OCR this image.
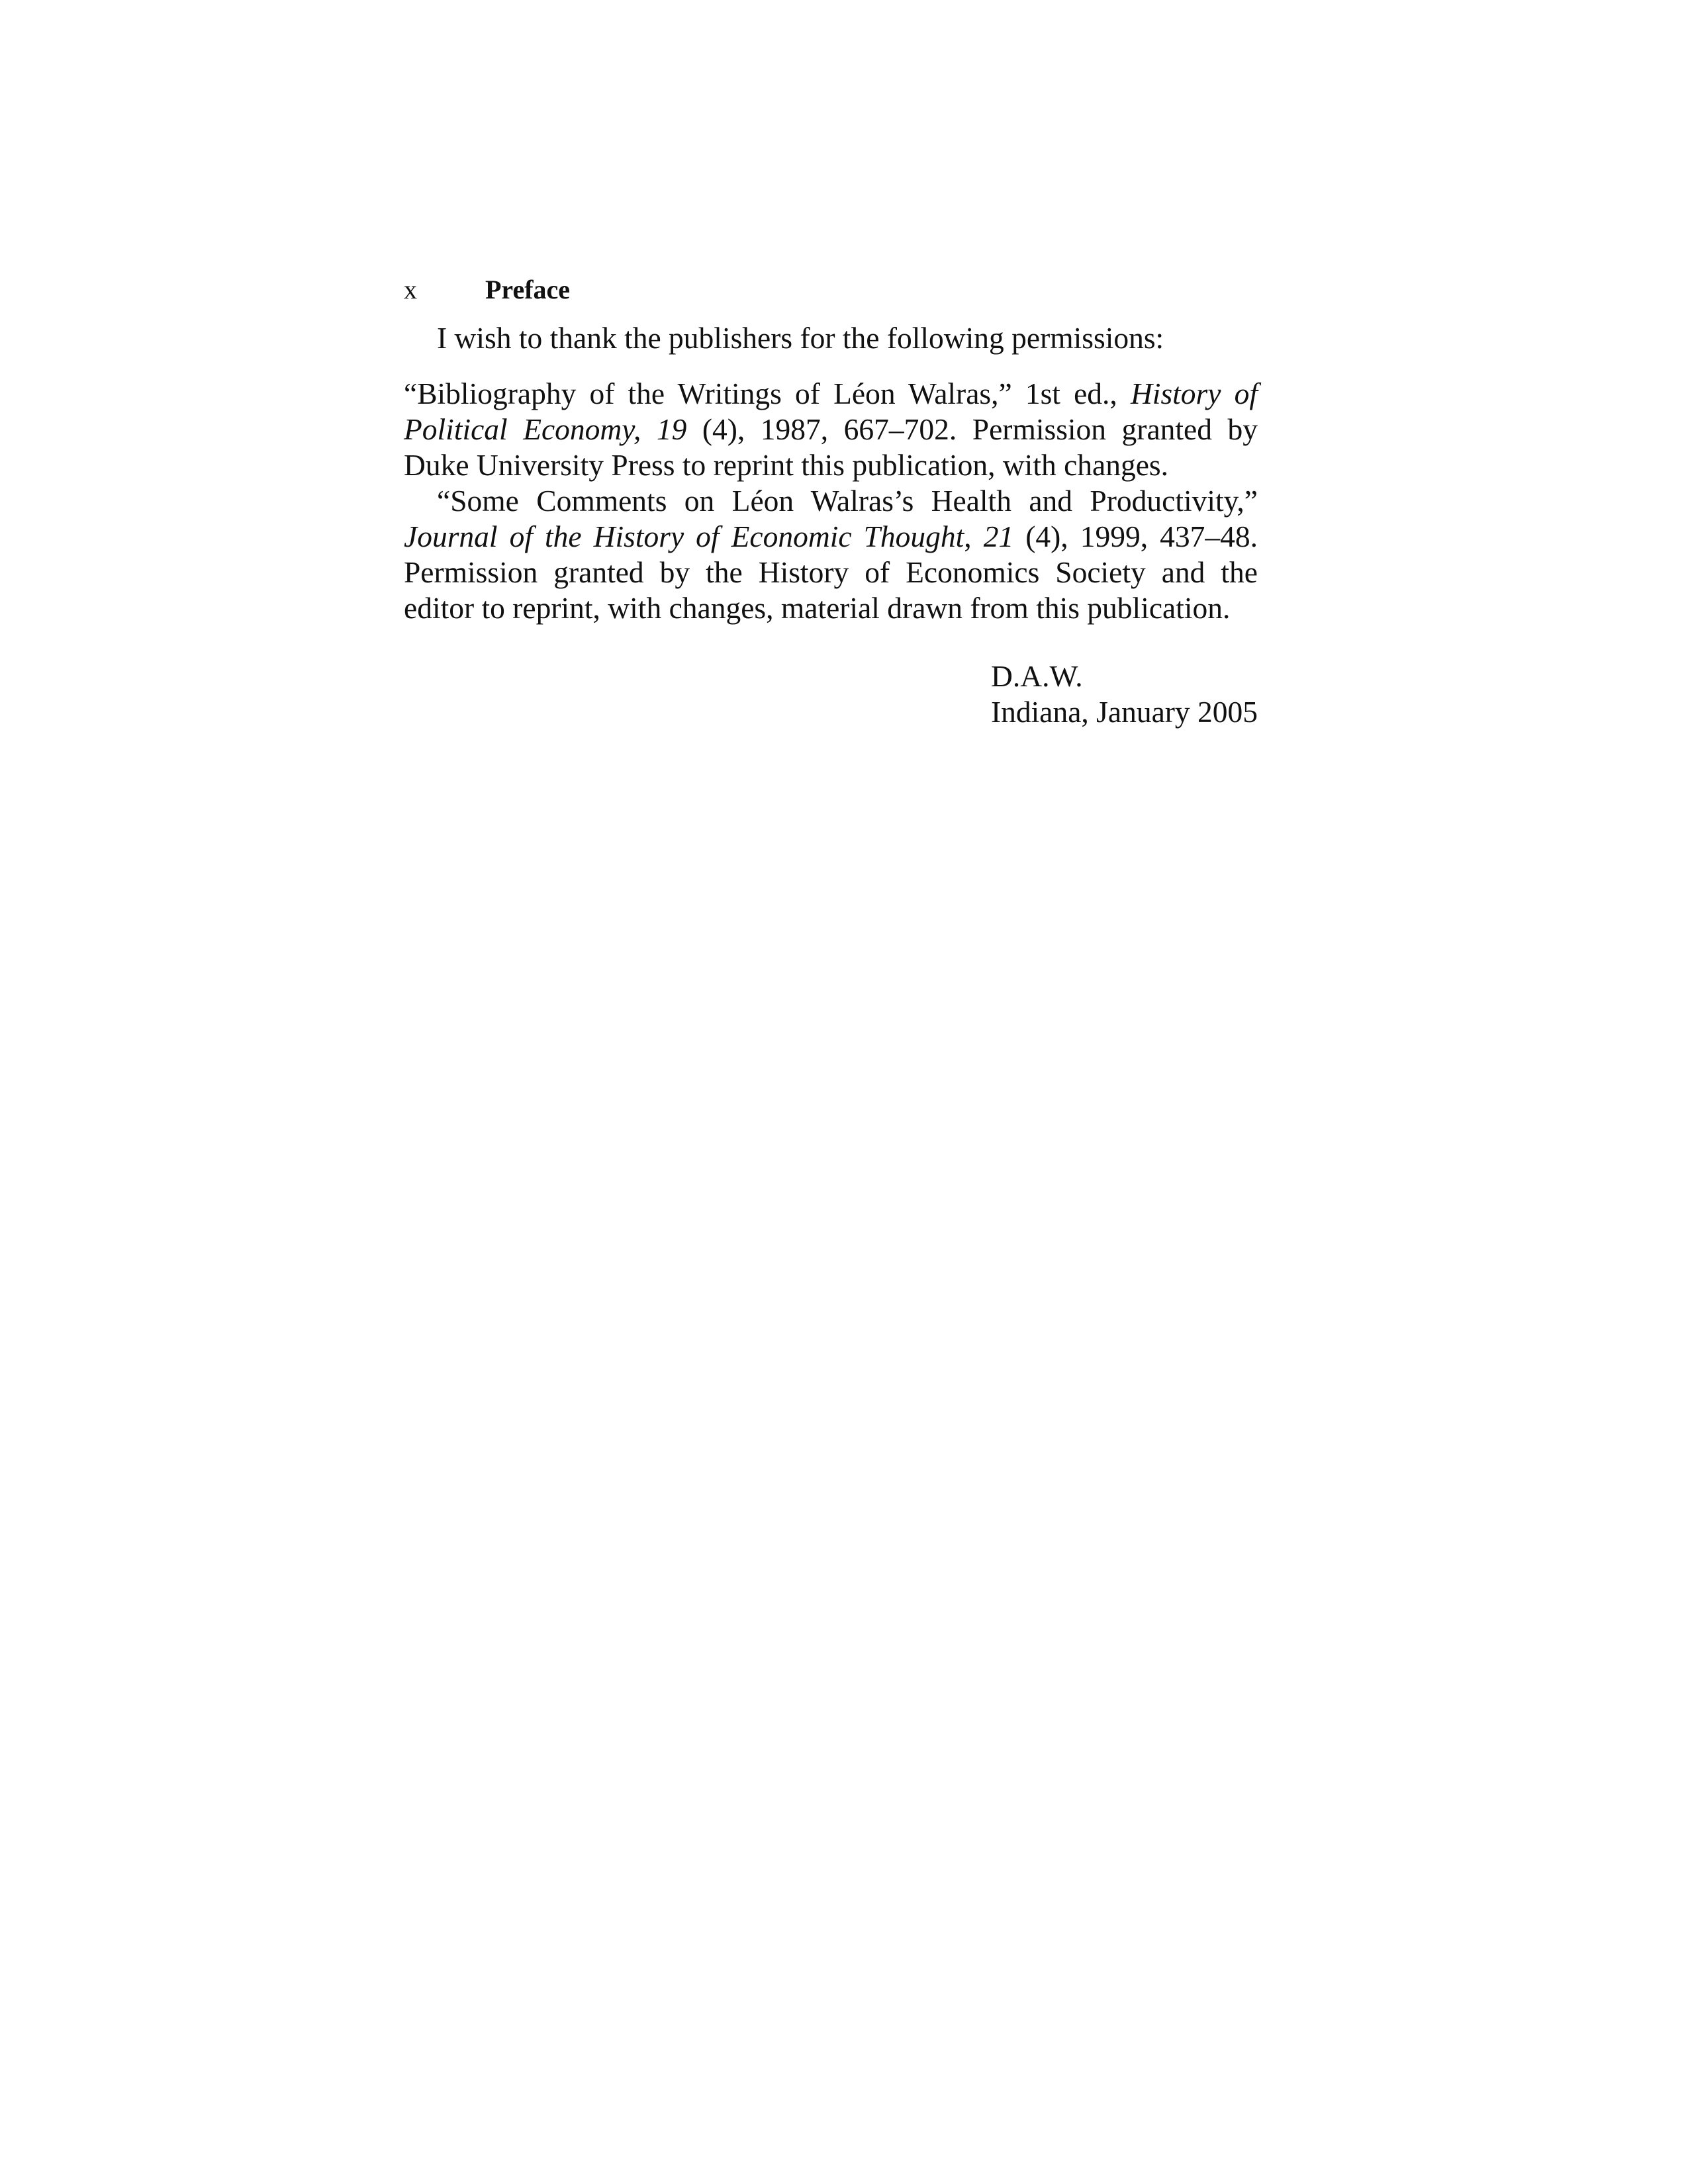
x	Preface

I wish to thank the publishers for the following permissions:

“Bibliography of the Writings of Léon Walras,” 1st ed., History of Political Economy, 19 (4), 1987, 667–702. Permission granted by Duke University Press to reprint this publication, with changes.

“Some Comments on Léon Walras’s Health and Productivity,” Journal of the History of Economic Thought, 21 (4), 1999, 437–48. Permission granted by the History of Economics Society and the editor to reprint, with changes, material drawn from this publication.

D.A.W.
Indiana, January 2005
